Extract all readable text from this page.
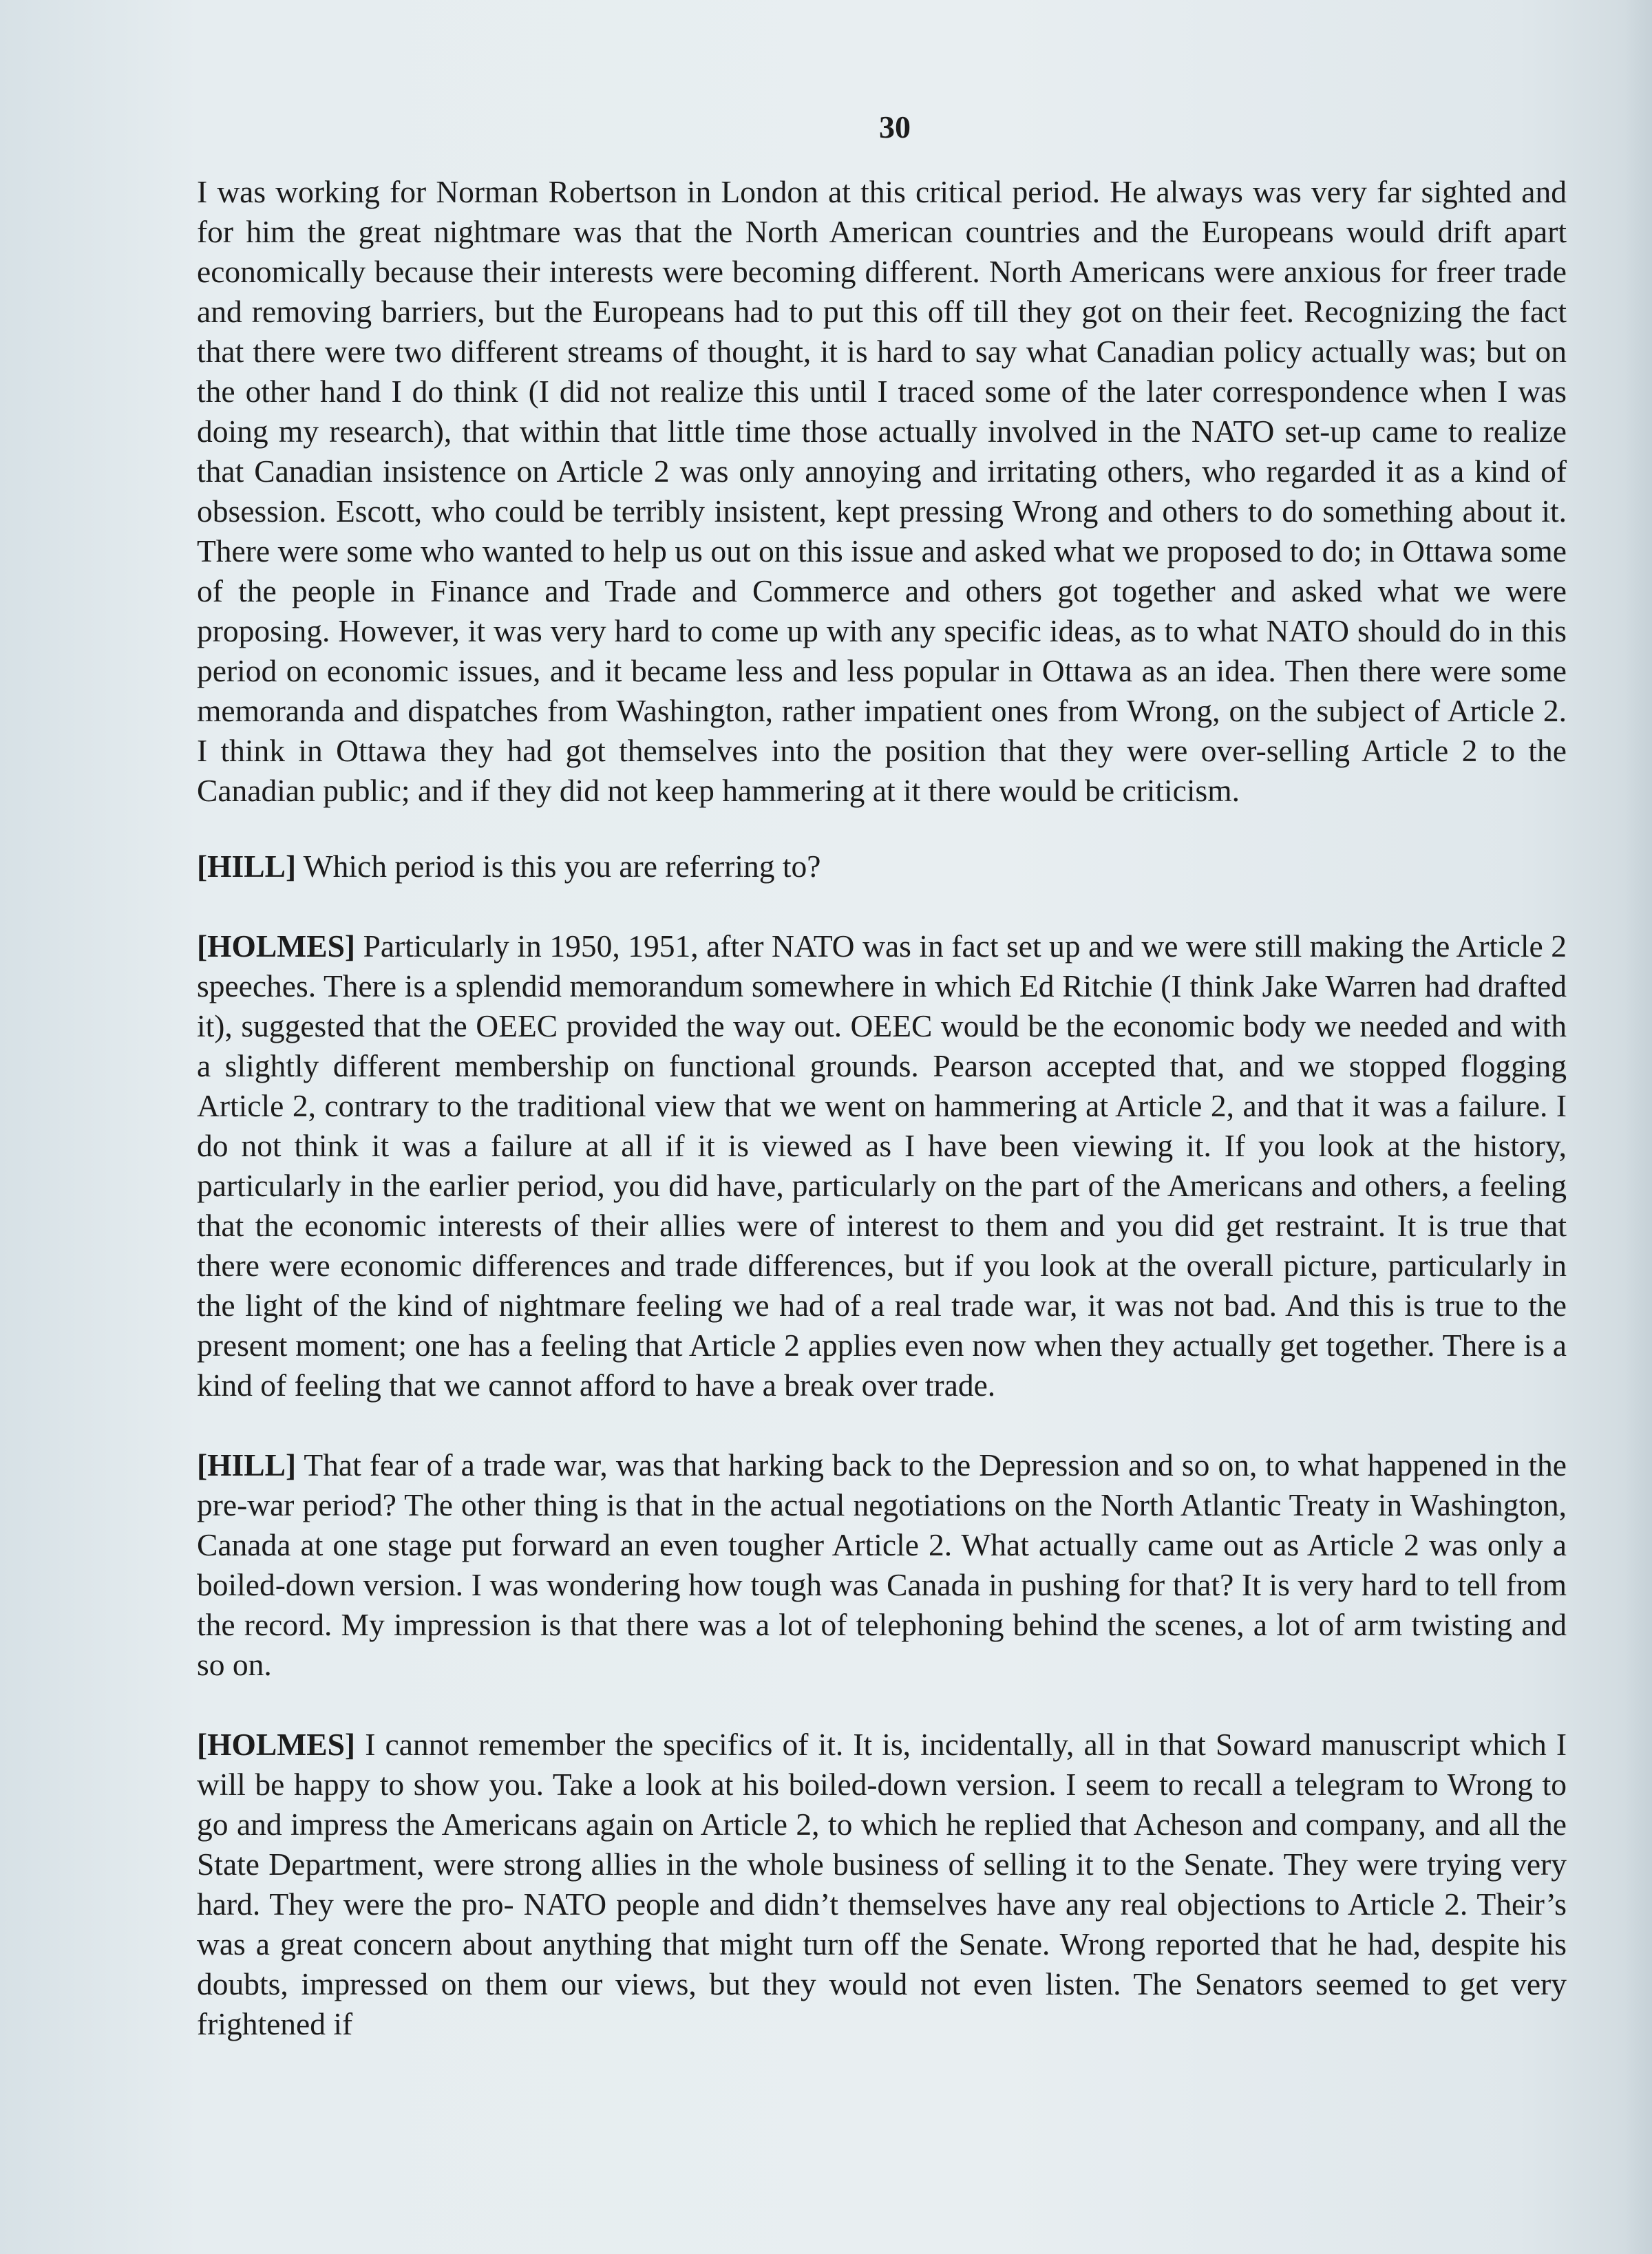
30

I was working for Norman Robertson in London at this critical period. He always was very far sighted and for him the great nightmare was that the North American countries and the Europeans would drift apart economically because their interests were becoming different. North Americans were anxious for freer trade and removing barriers, but the Europeans had to put this off till they got on their feet. Recognizing the fact that there were two different streams of thought, it is hard to say what Canadian policy actually was; but on the other hand I do think (I did not realize this until I traced some of the later correspondence when I was doing my research), that within that little time those actually involved in the NATO set-up came to realize that Canadian insistence on Article 2 was only annoying and irritating others, who regarded it as a kind of obsession. Escott, who could be terribly insistent, kept pressing Wrong and others to do something about it. There were some who wanted to help us out on this issue and asked what we proposed to do; in Ottawa some of the people in Finance and Trade and Commerce and others got together and asked what we were proposing. However, it was very hard to come up with any specific ideas, as to what NATO should do in this period on economic issues, and it became less and less popular in Ottawa as an idea. Then there were some memoranda and dispatches from Washington, rather impatient ones from Wrong, on the subject of Article 2. I think in Ottawa they had got themselves into the position that they were over-selling Article 2 to the Canadian public; and if they did not keep hammering at it there would be criticism.

[HILL] Which period is this you are referring to?

[HOLMES] Particularly in 1950, 1951, after NATO was in fact set up and we were still making the Article 2 speeches. There is a splendid memorandum somewhere in which Ed Ritchie (I think Jake Warren had drafted it), suggested that the OEEC provided the way out. OEEC would be the economic body we needed and with a slightly different membership on functional grounds. Pearson accepted that, and we stopped flogging Article 2, contrary to the traditional view that we went on hammering at Article 2, and that it was a failure. I do not think it was a failure at all if it is viewed as I have been viewing it. If you look at the history, particularly in the earlier period, you did have, particularly on the part of the Americans and others, a feeling that the economic interests of their allies were of interest to them and you did get restraint. It is true that there were economic differences and trade differences, but if you look at the overall picture, particularly in the light of the kind of nightmare feeling we had of a real trade war, it was not bad. And this is true to the present moment; one has a feeling that Article 2 applies even now when they actually get together. There is a kind of feeling that we cannot afford to have a break over trade.

[HILL] That fear of a trade war, was that harking back to the Depression and so on, to what happened in the pre-war period? The other thing is that in the actual negotiations on the North Atlantic Treaty in Washington, Canada at one stage put forward an even tougher Article 2. What actually came out as Article 2 was only a boiled-down version. I was wondering how tough was Canada in pushing for that? It is very hard to tell from the record. My impression is that there was a lot of telephoning behind the scenes, a lot of arm twisting and so on.

[HOLMES] I cannot remember the specifics of it. It is, incidentally, all in that Soward manuscript which I will be happy to show you. Take a look at his boiled-down version. I seem to recall a telegram to Wrong to go and impress the Americans again on Article 2, to which he replied that Acheson and company, and all the State Department, were strong allies in the whole business of selling it to the Senate. They were trying very hard. They were the pro- NATO people and didn’t themselves have any real objections to Article 2. Their’s was a great concern about anything that might turn off the Senate. Wrong reported that he had, despite his doubts, impressed on them our views, but they would not even listen. The Senators seemed to get very frightened if
